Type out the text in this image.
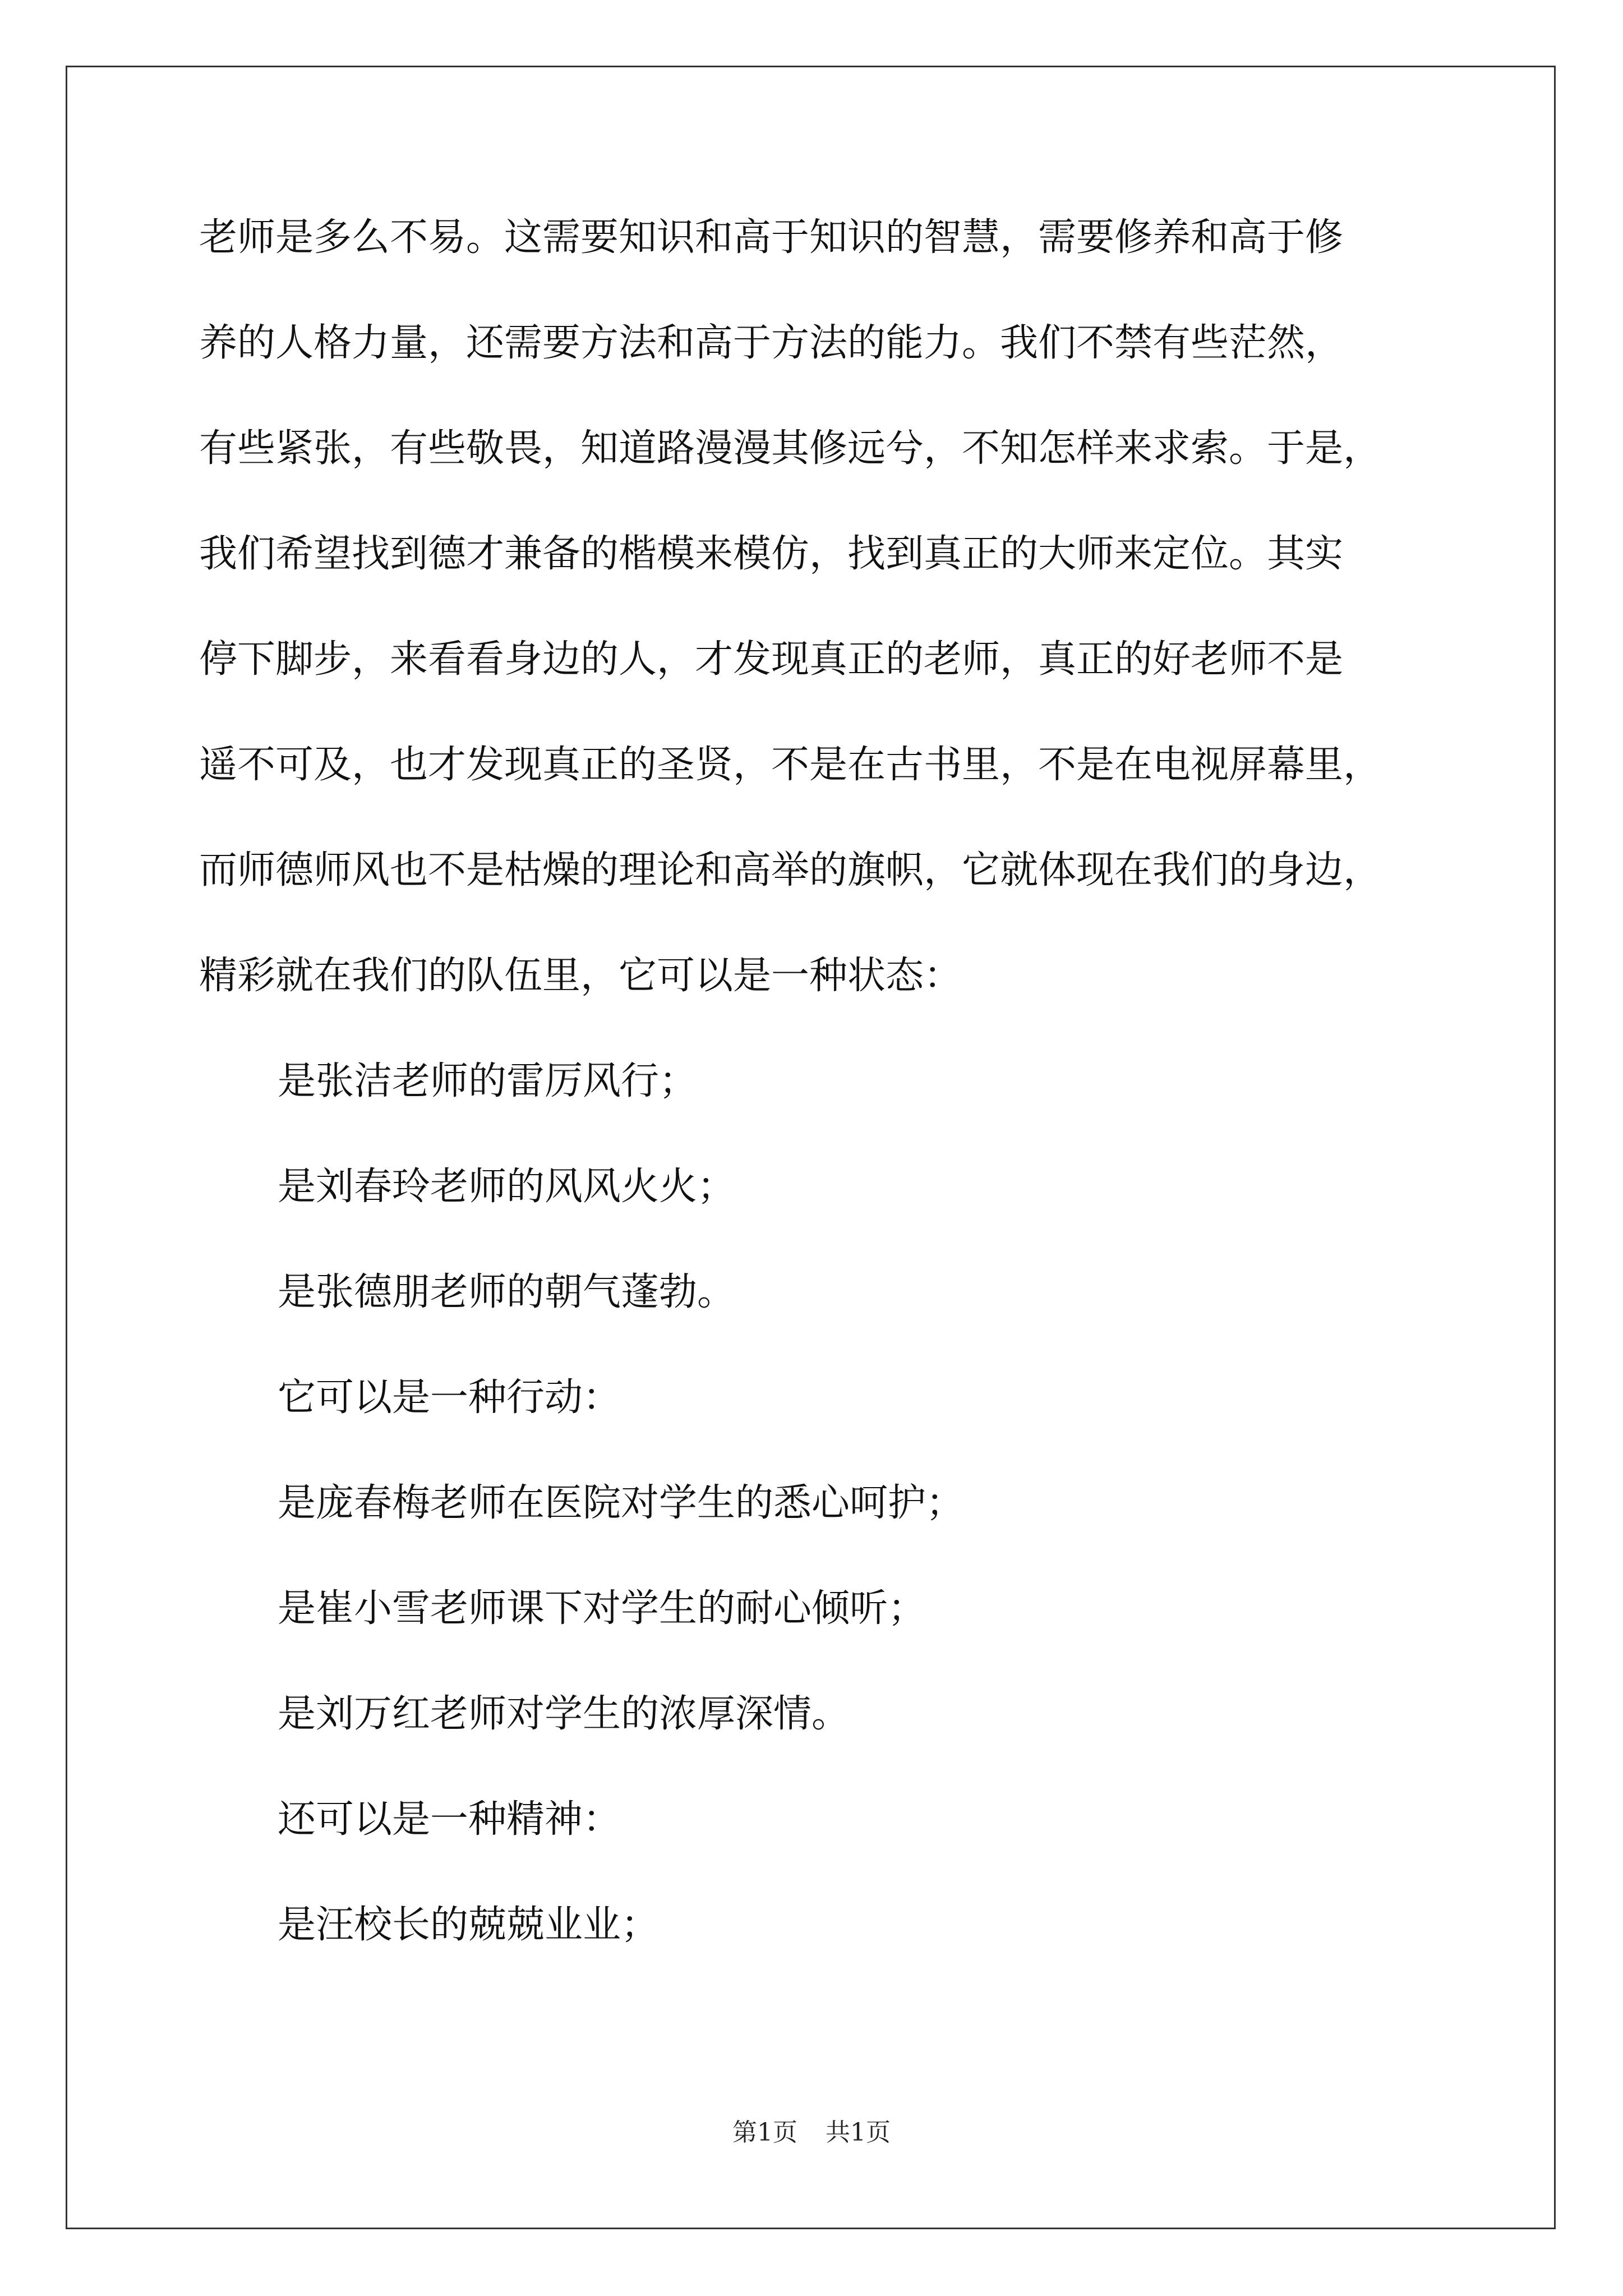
老师是多么不易。这需要知识和高于知识的智慧，需要修养和高于修
养的人格力量，还需要方法和高于方法的能力。我们不禁有些茫然，
有些紧张，有些敬畏，知道路漫漫其修远兮，不知怎样来求索。于是，
我们希望找到德才兼备的楷模来模仿，找到真正的大师来定位。其实
停下脚步，来看看身边的人，才发现真正的老师，真正的好老师不是
遥不可及，也才发现真正的圣贤，不是在古书里，不是在电视屏幕里，
而师德师风也不是枯燥的理论和高举的旗帜，它就体现在我们的身边，
精彩就在我们的队伍里，它可以是一种状态：
是张洁老师的雷厉风行；
是刘春玲老师的风风火火；
是张德朋老师的朝气蓬勃。
它可以是一种行动：
是庞春梅老师在医院对学生的悉心呵护；
是崔小雪老师课下对学生的耐心倾听；
是刘万红老师对学生的浓厚深情。
还可以是一种精神：
是汪校长的兢兢业业；
第1页 共1页
